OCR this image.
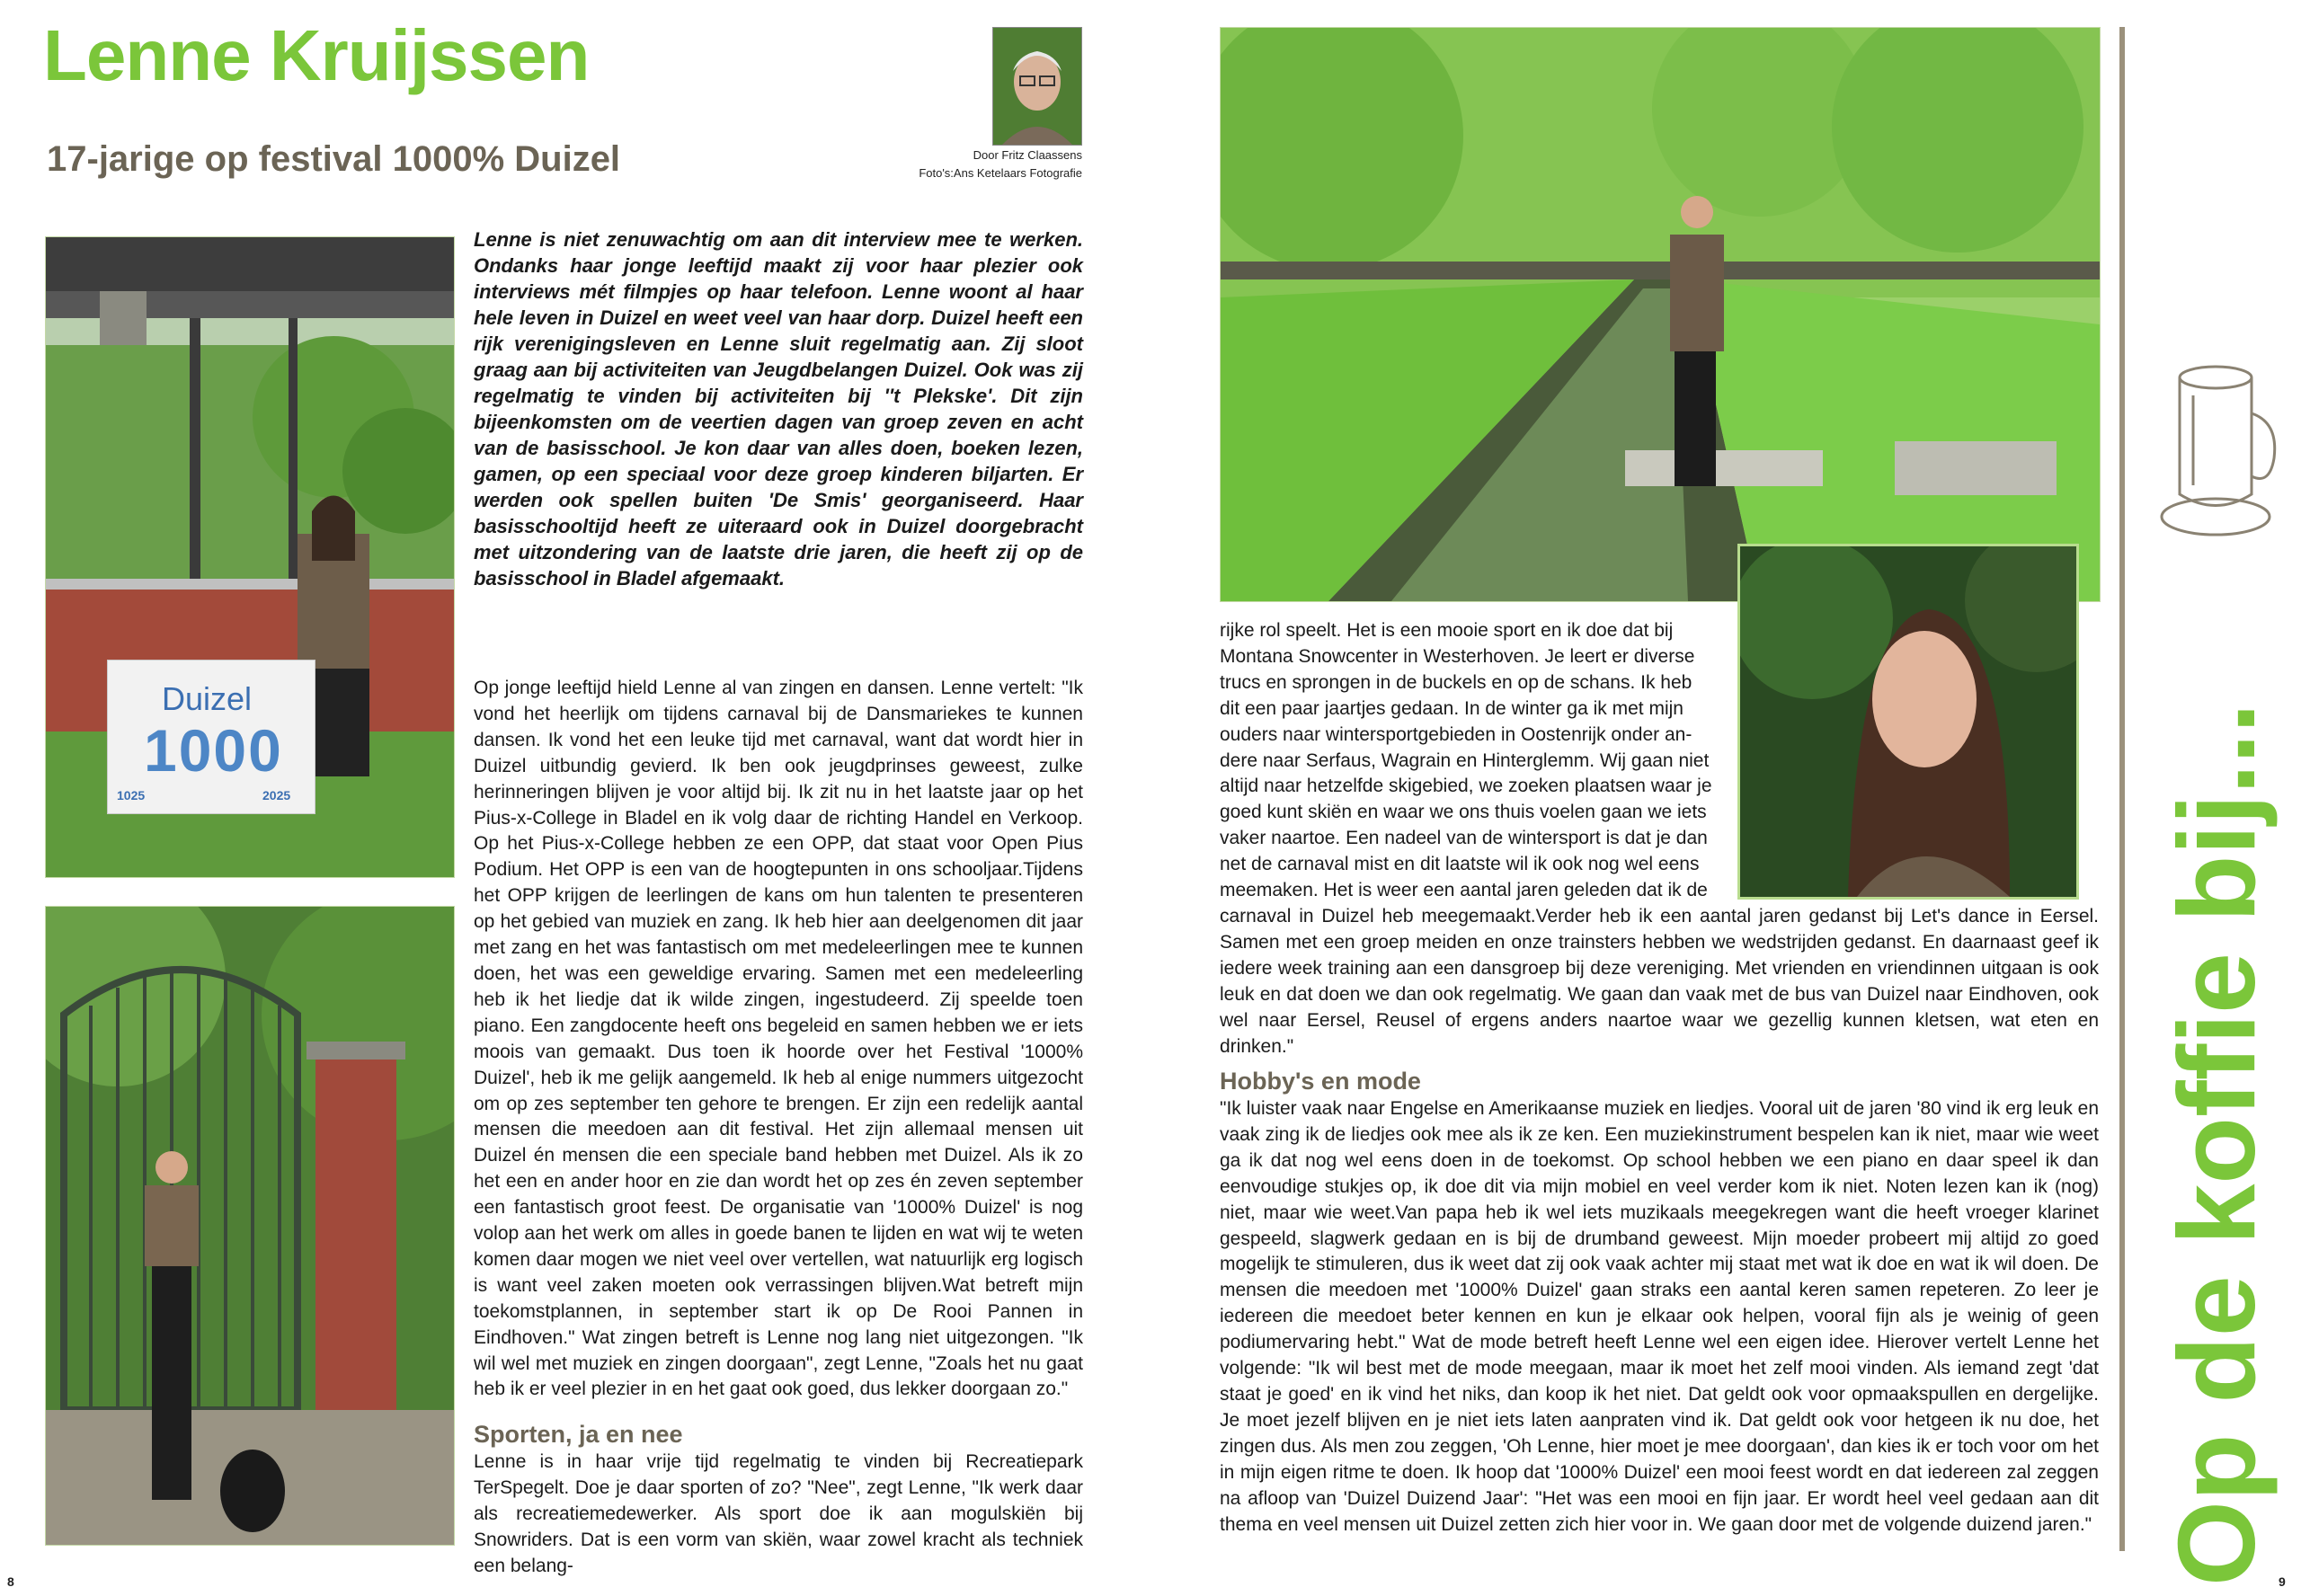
Lenne Kruijssen
17-jarige op festival 1000% Duizel	Door Fritz Claassens
Foto's:Ans Ketelaars Fotografie
Duizel
1000
1025	2025
Lenne is niet zenuwachtig om aan dit interview mee te werken. Ondanks haar jonge leeftijd maakt zij voor haar plezier ook interviews mét filmpjes op haar telefoon. Lenne woont al haar hele leven in Duizel en weet veel van haar dorp. Duizel heeft een rijk verenigingsleven en Lenne sluit regelmatig aan. Zij sloot graag aan bij activiteiten van Jeugdbelangen Duizel. Ook was zij regelmatig te vinden bij activiteiten bij ''t Plekske'. Dit zijn bijeenkomsten om de veertien dagen van groep zeven en acht van de basisschool. Je kon daar van alles doen, boeken lezen, gamen, op een speciaal voor deze groep kinderen biljarten. Er werden ook spellen buiten 'De Smis' georganiseerd. Haar basisschooltijd heeft ze uiteraard ook in Duizel doorgebracht met uitzondering van de laatste drie jaren, die heeft zij op de basisschool in Bladel afgemaakt.

Op jonge leeftijd hield Lenne al van zingen en dansen. Lenne vertelt: "Ik vond het heerlijk om tijdens carnaval bij de Dansmariekes te kunnen dansen. Ik vond het een leuke tijd met carnaval, want dat wordt hier in Duizel uitbundig gevierd. Ik ben ook jeugdprinses geweest, zulke herinneringen blijven je voor altijd bij. Ik zit nu in het laatste jaar op het Pius-x-College in Bladel en ik volg daar de richting Handel en Verkoop. Op het Pius-x-College hebben ze een OPP, dat staat voor Open Pius Podium. Het OPP is een van de hoogtepunten in ons schooljaar.Tijdens het OPP krijgen de leerlingen de kans om hun talenten te presenteren op het gebied van muziek en zang. Ik heb hier aan deelgenomen dit jaar met zang en het was fantastisch om met medeleerlingen mee te kunnen doen, het was een geweldige ervaring. Samen met een medeleerling heb ik het liedje dat ik wilde zingen, ingestudeerd. Zij speelde toen piano. Een zangdocente heeft ons begeleid en samen hebben we er iets moois van gemaakt. Dus toen ik hoorde over het Festival '1000% Duizel', heb ik me gelijk aangemeld. Ik heb al enige nummers uitgezocht om op zes september ten gehore te brengen. Er zijn een redelijk aantal mensen die meedoen aan dit festival. Het zijn allemaal mensen uit Duizel én mensen die een speciale band hebben met Duizel. Als ik zo het een en ander hoor en zie dan wordt het op zes én zeven september een fantastisch groot feest. De organisatie van '1000% Duizel' is nog volop aan het werk om alles in goede banen te lijden en wat wij te weten komen daar mogen we niet veel over vertellen, wat natuurlijk erg logisch is want veel zaken moeten ook verrassingen blijven.Wat betreft mijn toekomstplannen, in september start ik op De Rooi Pannen in Eindhoven." Wat zingen betreft is Lenne nog lang niet uitgezongen. "Ik wil wel met muziek en zingen doorgaan", zegt Lenne, "Zoals het nu gaat heb ik er veel plezier in en het gaat ook goed, dus lekker doorgaan zo."

Sporten, ja en nee

Lenne is in haar vrije tijd regelmatig te vinden bij Recreatiepark TerSpegelt. Doe je daar sporten of zo? "Nee", zegt Lenne, "Ik werk daar als recreatiemedewerker. Als sport doe ik aan mogulskiën bij Snowriders. Dat is een vorm van skiën, waar zowel kracht als techniek een belang-

8
rijke rol speelt. Het is een mooie sport en ik doe dat bij
Montana Snowcenter in Westerhoven. Je leert er diverse
trucs en sprongen in de buckels en op de schans. Ik heb
dit een paar jaartjes gedaan. In de winter ga ik met mijn
ouders naar wintersportgebieden in Oostenrijk onder an-
dere naar Serfaus, Wagrain en Hinterglemm. Wij gaan niet
altijd naar hetzelfde skigebied, we zoeken plaatsen waar je
goed kunt skiën en waar we ons thuis voelen gaan we iets
vaker naartoe. Een nadeel van de wintersport is dat je dan
net de carnaval mist en dit laatste wil ik ook nog wel eens
meemaken. Het is weer een aantal jaren geleden dat ik de

carnaval in Duizel heb meegemaakt.Verder heb ik een aantal jaren gedanst bij Let's dance in Eersel. Samen met een groep meiden en onze trainsters hebben we wedstrijden gedanst. En daarnaast geef ik iedere week training aan een dansgroep bij deze vereniging. Met vrienden en vriendinnen uitgaan is ook leuk en dat doen we dan ook regelmatig. We gaan dan vaak met de bus van Duizel naar Eindhoven, ook wel naar Eersel, Reusel of ergens anders naartoe waar we gezellig kunnen kletsen, wat eten en drinken."

Hobby's en mode

"Ik luister vaak naar Engelse en Amerikaanse muziek en liedjes. Vooral uit de jaren '80 vind ik erg leuk en vaak zing ik de liedjes ook mee als ik ze ken. Een muziekinstrument bespelen kan ik niet, maar wie weet ga ik dat nog wel eens doen in de toekomst. Op school hebben we een piano en daar speel ik dan eenvoudige stukjes op, ik doe dit via mijn mobiel en veel verder kom ik niet. Noten lezen kan ik (nog) niet, maar wie weet.Van papa heb ik wel iets muzikaals meegekregen want die heeft vroeger klarinet gespeeld, slagwerk gedaan en is bij de drumband geweest. Mijn moeder probeert mij altijd zo goed mogelijk te stimuleren, dus ik weet dat zij ook vaak achter mij staat met wat ik doe en wat ik wil doen. De mensen die meedoen met '1000% Duizel' gaan straks een aantal keren samen repeteren. Zo leer je iedereen die meedoet beter kennen en kun je elkaar ook helpen, vooral fijn als je weinig of geen podiumervaring hebt." Wat de mode betreft heeft Lenne wel een eigen idee. Hierover vertelt Lenne het volgende: "Ik wil best met de mode meegaan, maar ik moet het zelf mooi vinden. Als iemand zegt 'dat staat je goed' en ik vind het niks, dan koop ik het niet. Dat geldt ook voor opmaakspullen en dergelijke. Je moet jezelf blijven en je niet iets laten aanpraten vind ik. Dat geldt ook voor hetgeen ik nu doe, het zingen dus. Als men zou zeggen, 'Oh Lenne, hier moet je mee doorgaan', dan kies ik er toch voor om het in mijn eigen ritme te doen. Ik hoop dat '1000% Duizel' een mooi feest wordt en dat iedereen zal zeggen na afloop van 'Duizel Duizend Jaar': "Het was een mooi en fijn jaar. Er wordt heel veel gedaan aan dit thema en veel mensen uit Duizel zetten zich hier voor in. We gaan door met de volgende duizend jaren." Op de koffie bij... 9
